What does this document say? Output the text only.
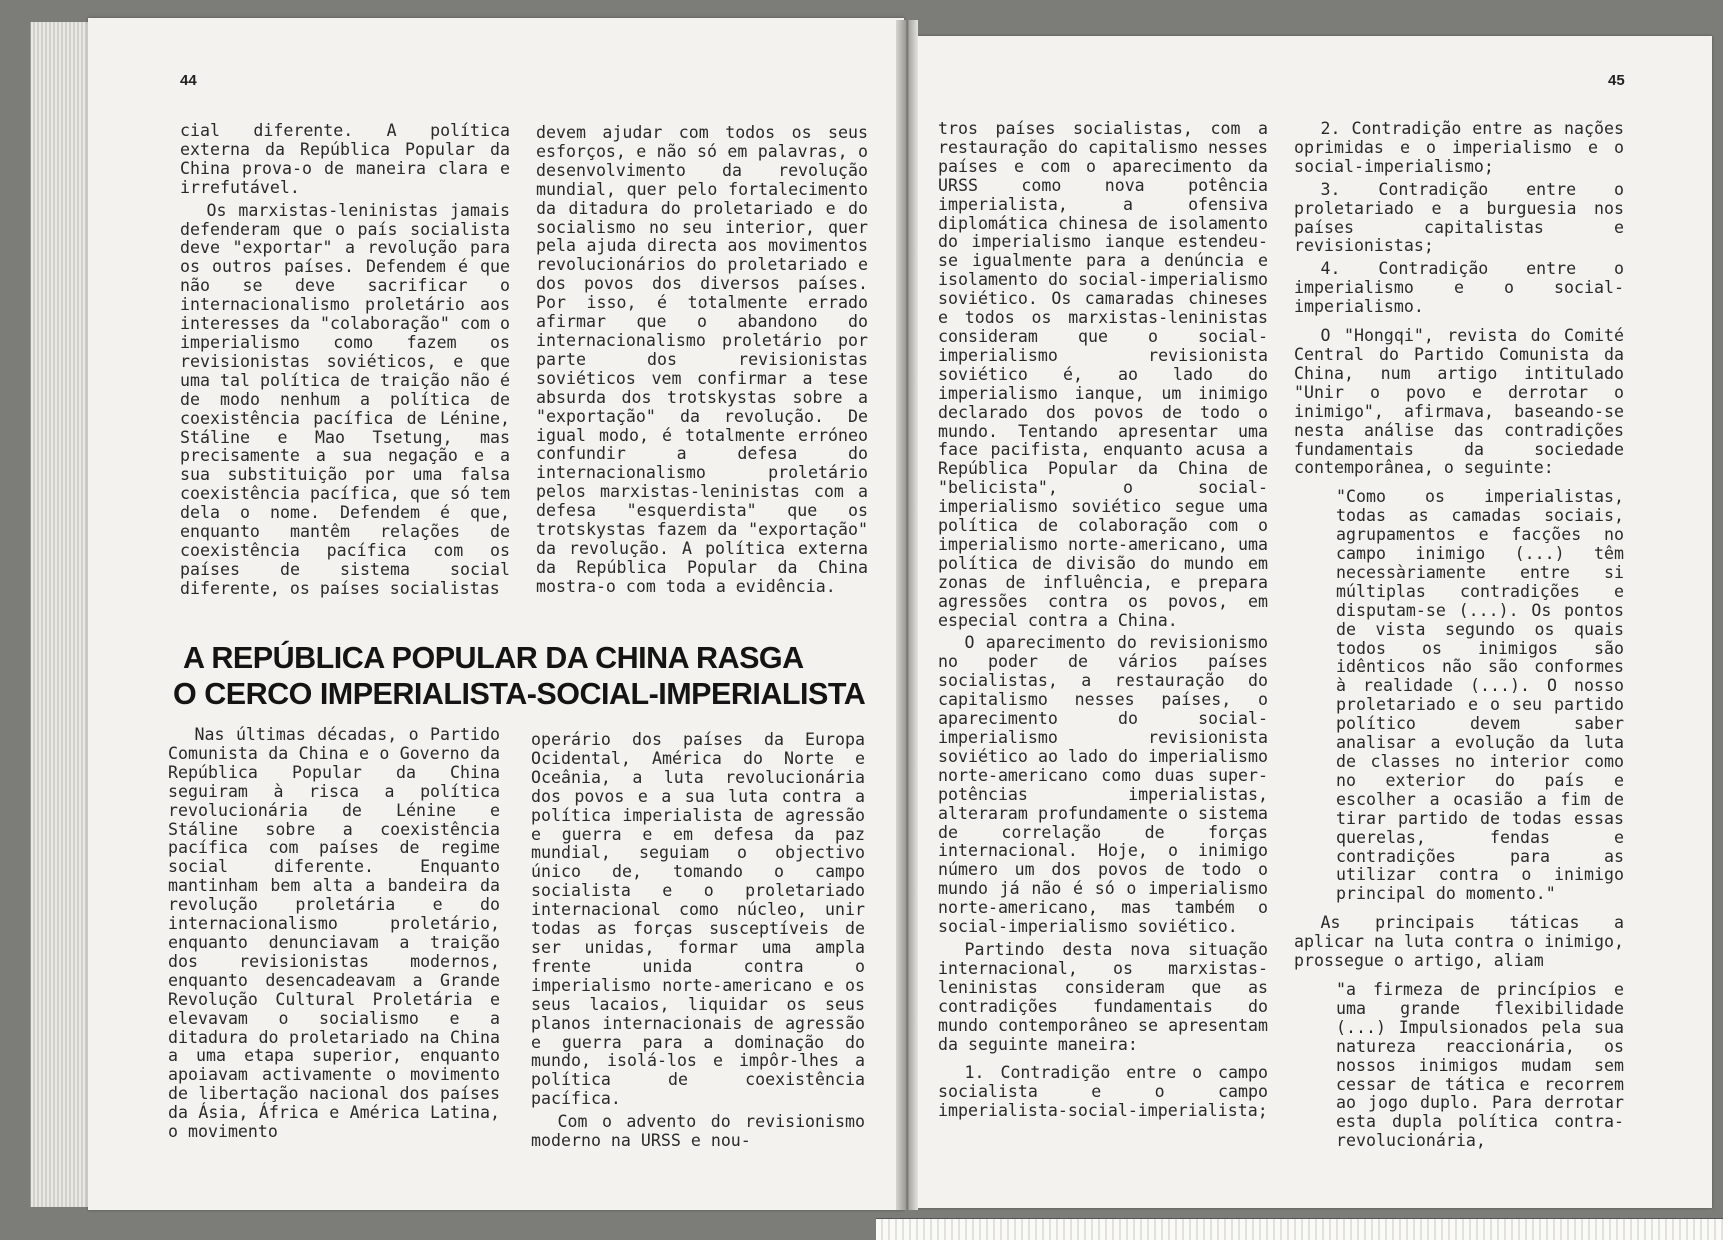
44	45

cial diferente. A política externa da República Popular da China prova-o de maneira clara e irrefutável.

Os marxistas-leninistas jamais defenderam que o país socialista deve "exportar" a revolução para os outros países. Defendem é que não se deve sacrificar o internacionalismo proletário aos interesses da "colaboração" com o imperialismo como fazem os revisionistas soviéticos, e que uma tal política de traição não é de modo nenhum a política de coexistência pacífica de Lénine, Stáline e Mao Tsetung, mas precisamente a sua negação e a sua substituição por uma falsa coexistência pacífica, que só tem dela o nome. Defendem é que, enquanto mantêm relações de coexistência pacífica com os países de sistema social diferente, os países socialistas

devem ajudar com todos os seus esforços, e não só em palavras, o desenvolvimento da revolução mundial, quer pelo fortalecimento da ditadura do proletariado e do socialismo no seu interior, quer pela ajuda directa aos movimentos revolucionários do proletariado e dos povos dos diversos países. Por isso, é totalmente errado afirmar que o abandono do internacionalismo proletário por parte dos revisionistas soviéticos vem confirmar a tese absurda dos trotskystas sobre a "exportação" da revolução. De igual modo, é totalmente erróneo confundir a defesa do internacionalismo proletário pelos marxistas-leninistas com a defesa "esquerdista" que os trotskystas fazem da "exportação" da revolução. A política externa da República Popular da China mostra-o com toda a evidência.

A REPÚBLICA POPULAR DA CHINA RASGA
O CERCO IMPERIALISTA-SOCIAL-IMPERIALISTA

Nas últimas décadas, o Partido Comunista da China e o Governo da República Popular da China seguiram à risca a política revolucionária de Lénine e Stáline sobre a coexistência pacífica com países de regime social diferente. Enquanto mantinham bem alta a bandeira da revolução proletária e do internacionalismo proletário, enquanto denunciavam a traição dos revisionistas modernos, enquanto desencadeavam a Grande Revolução Cultural Proletária e elevavam o socialismo e a ditadura do proletariado na China a uma etapa superior, enquanto apoiavam activamente o movimento de libertação nacional dos países da Ásia, África e América Latina, o movimento

operário dos países da Europa Ocidental, América do Norte e Oceânia, a luta revolucionária dos povos e a sua luta contra a política imperialista de agressão e guerra e em defesa da paz mundial, seguiam o objectivo único de, tomando o campo socialista e o proletariado internacional como núcleo, unir todas as forças susceptíveis de ser unidas, formar uma ampla frente unida contra o imperialismo norte-americano e os seus lacaios, liquidar os seus planos internacionais de agressão e guerra para a dominação do mundo, isolá-los e impôr-lhes a política de coexistência pacífica.

Com o advento do revisionismo moderno na URSS e nou-

tros países socialistas, com a restauração do capitalismo nesses países e com o aparecimento da URSS como nova potência imperialista, a ofensiva diplomática chinesa de isolamento do imperialismo ianque estendeu-se igualmente para a denúncia e isolamento do social-imperialismo soviético. Os camaradas chineses e todos os marxistas-leninistas consideram que o social-imperialismo revisionista soviético é, ao lado do imperialismo ianque, um inimigo declarado dos povos de todo o mundo. Tentando apresentar uma face pacifista, enquanto acusa a República Popular da China de "belicista", o social-imperialismo soviético segue uma política de colaboração com o imperialismo norte-americano, uma política de divisão do mundo em zonas de influência, e prepara agressões contra os povos, em especial contra a China.

O aparecimento do revisionismo no poder de vários países socialistas, a restauração do capitalismo nesses países, o aparecimento do social-imperialismo revisionista soviético ao lado do imperialismo norte-americano como duas super-potências imperialistas, alteraram profundamente o sistema de correlação de forças internacional. Hoje, o inimigo número um dos povos de todo o mundo já não é só o imperialismo norte-americano, mas também o social-imperialismo soviético.

Partindo desta nova situação internacional, os marxistas-leninistas consideram que as contradições fundamentais do mundo contemporâneo se apresentam da seguinte maneira:

1. Contradição entre o campo socialista e o campo imperialista-social-imperialista;

2. Contradição entre as nações oprimidas e o imperialismo e o social-imperialismo;

3. Contradição entre o proletariado e a burguesia nos países capitalistas e revisionistas;

4. Contradição entre o imperialismo e o social-imperialismo.

O "Hongqi", revista do Comité Central do Partido Comunista da China, num artigo intitulado "Unir o povo e derrotar o inimigo", afirmava, baseando-se nesta análise das contradições fundamentais da sociedade contemporânea, o seguinte:

"Como os imperialistas, todas as camadas sociais, agrupamentos e facções no campo inimigo (...) têm necessàriamente entre si múltiplas contradições e disputam-se (...). Os pontos de vista segundo os quais todos os inimigos são idênticos não são conformes à realidade (...). O nosso proletariado e o seu partido político devem saber analisar a evolução da luta de classes no interior como no exterior do país e escolher a ocasião a fim de tirar partido de todas essas querelas, fendas e contradições para as utilizar contra o inimigo principal do momento."

As principais táticas a aplicar na luta contra o inimigo, prossegue o artigo, aliam

"a firmeza de princípios e uma grande flexibilidade (...) Impulsionados pela sua natureza reaccionária, os nossos inimigos mudam sem cessar de tática e recorrem ao jogo duplo. Para derrotar esta dupla política contra-revolucionária,
